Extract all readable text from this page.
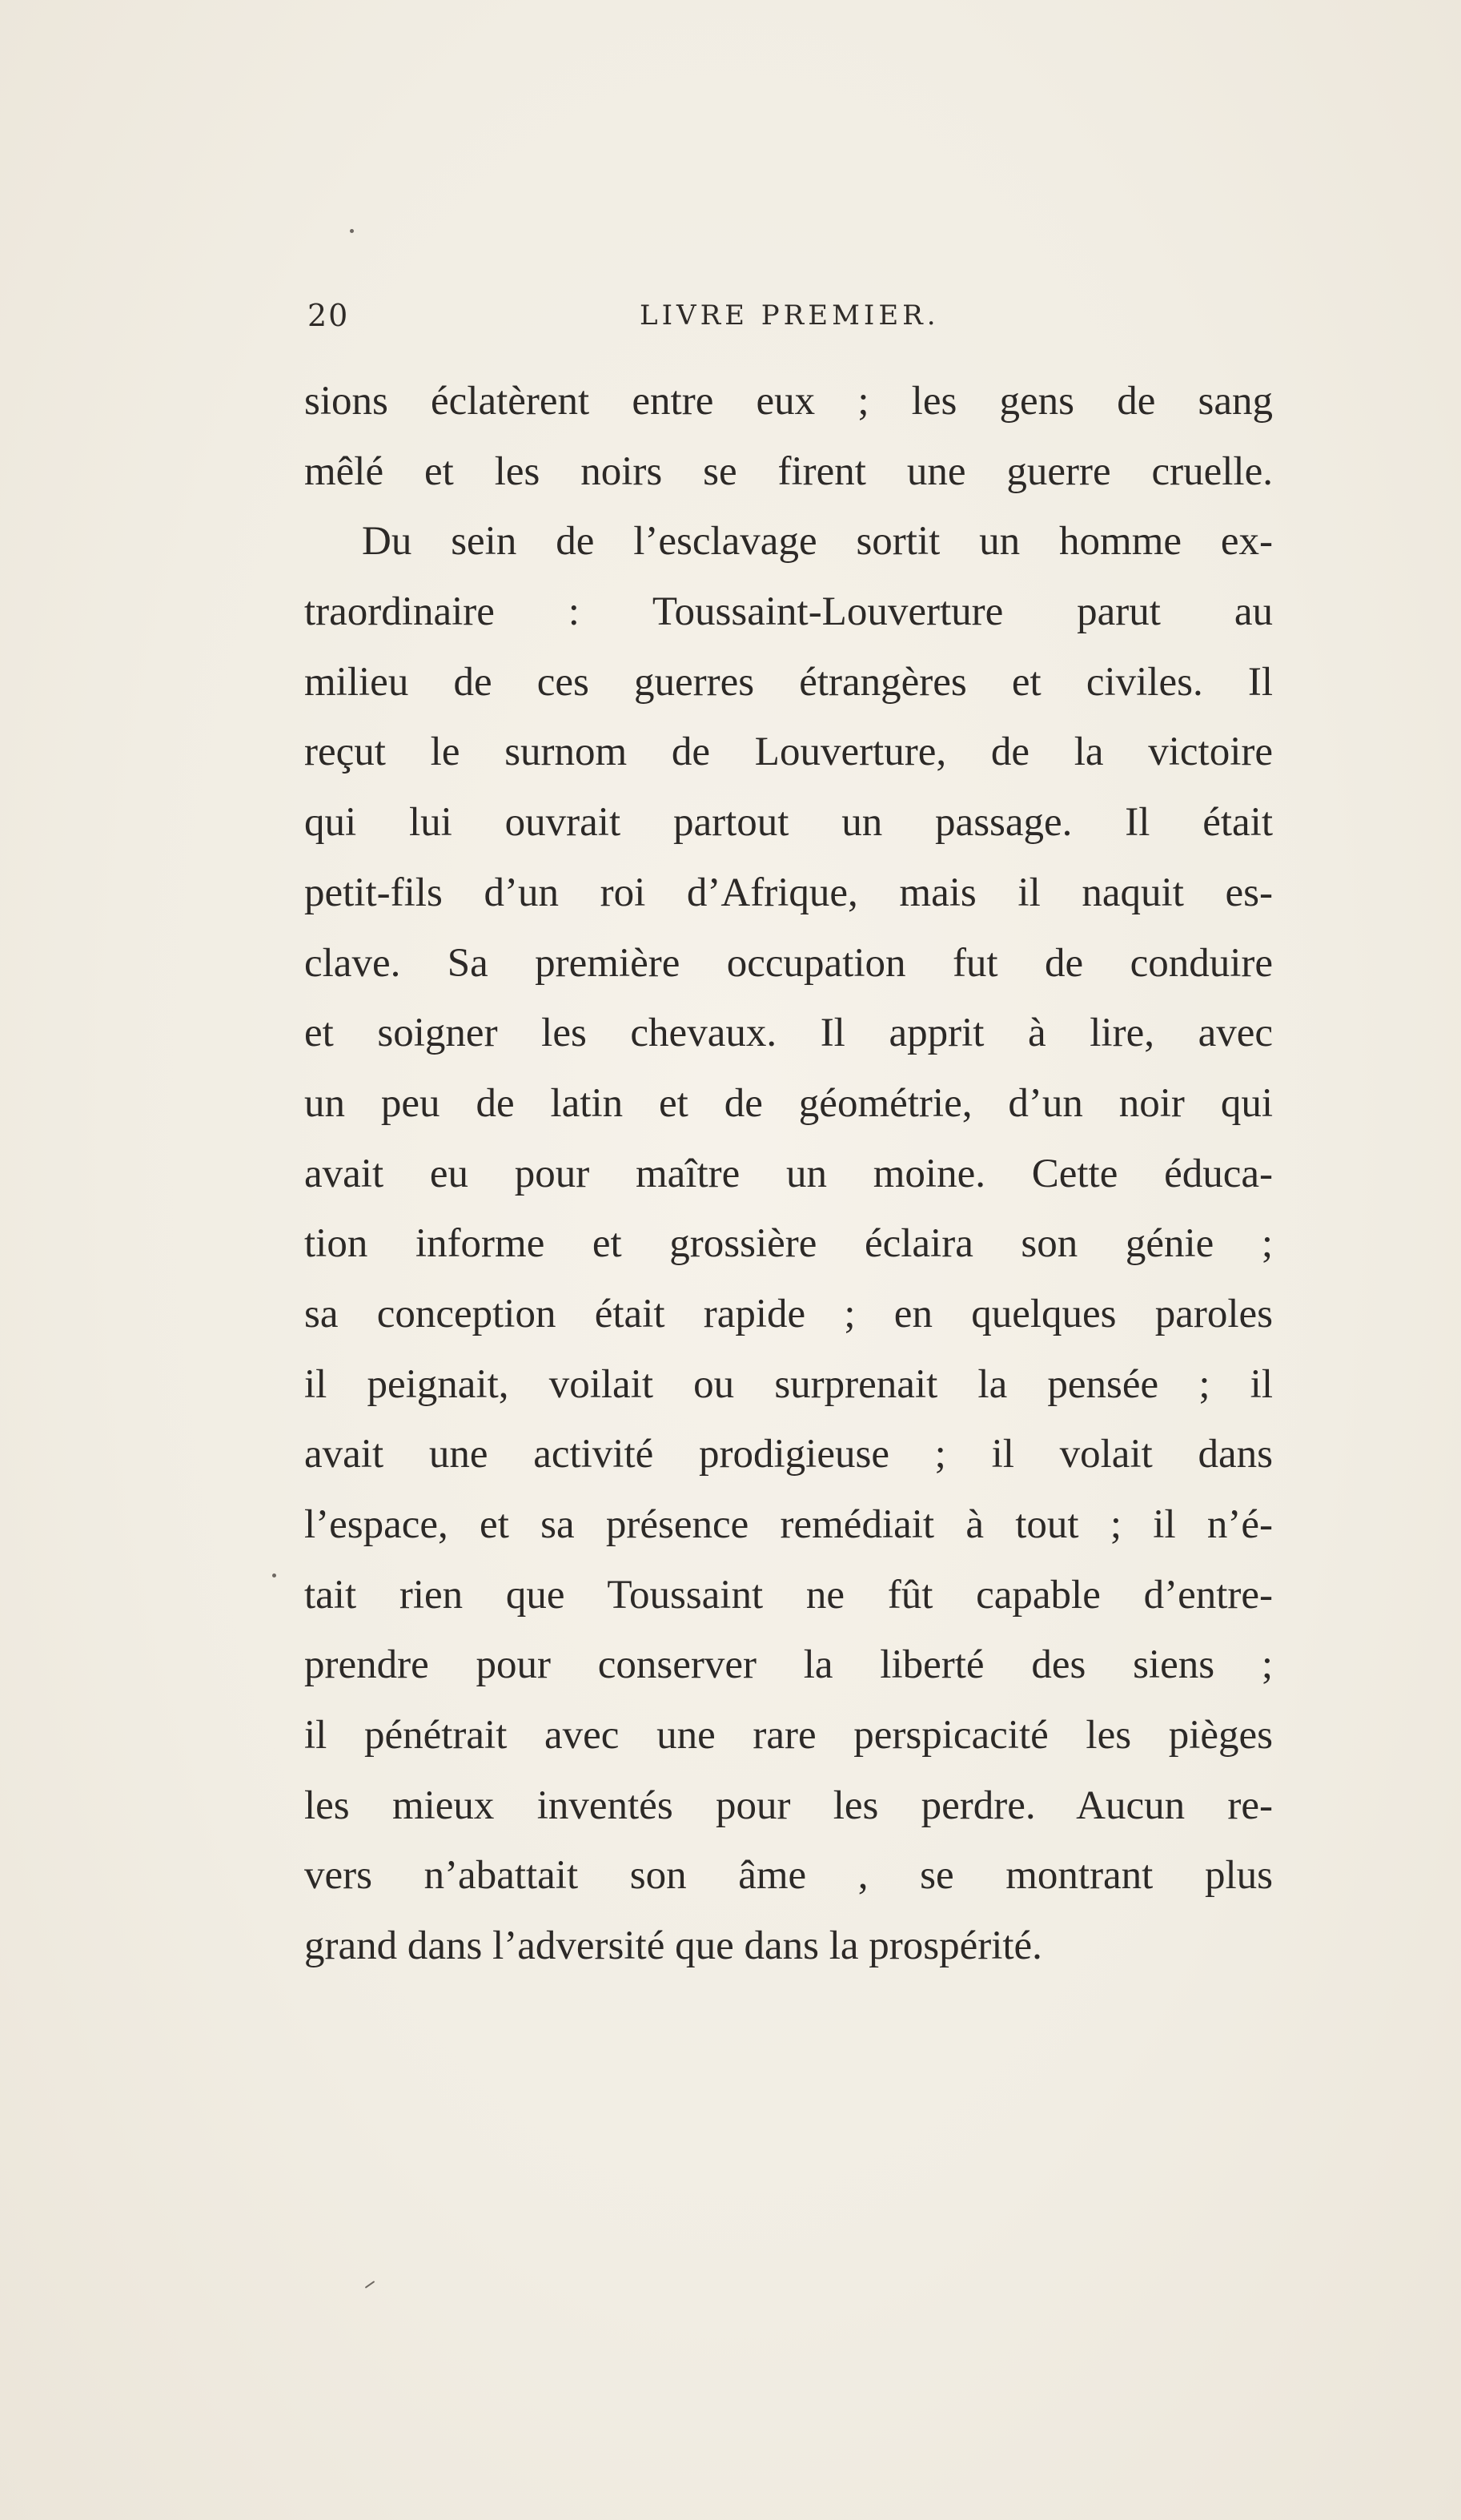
20	LIVRE PREMIER.
sions éclatèrent entre eux ; les gens de sang
mêlé et les noirs se firent une guerre cruelle.
Du sein de l’esclavage sortit un homme ex-
traordinaire : Toussaint-Louverture parut au
milieu de ces guerres étrangères et civiles. Il
reçut le surnom de Louverture, de la victoire
qui lui ouvrait partout un passage. Il était
petit-fils d’un roi d’Afrique, mais il naquit es-
clave. Sa première occupation fut de conduire
et soigner les chevaux. Il apprit à lire, avec
un peu de latin et de géométrie, d’un noir qui
avait eu pour maître un moine. Cette éduca-
tion informe et grossière éclaira son génie ;
sa conception était rapide ; en quelques paroles
il peignait, voilait ou surprenait la pensée ; il
avait une activité prodigieuse ; il volait dans
l’espace, et sa présence remédiait à tout ; il n’é-
tait rien que Toussaint ne fût capable d’entre-
prendre pour conserver la liberté des siens ;
il pénétrait avec une rare perspicacité les pièges
les mieux inventés pour les perdre. Aucun re-
vers n’abattait son âme , se montrant plus
grand dans l’adversité que dans la prospérité.
